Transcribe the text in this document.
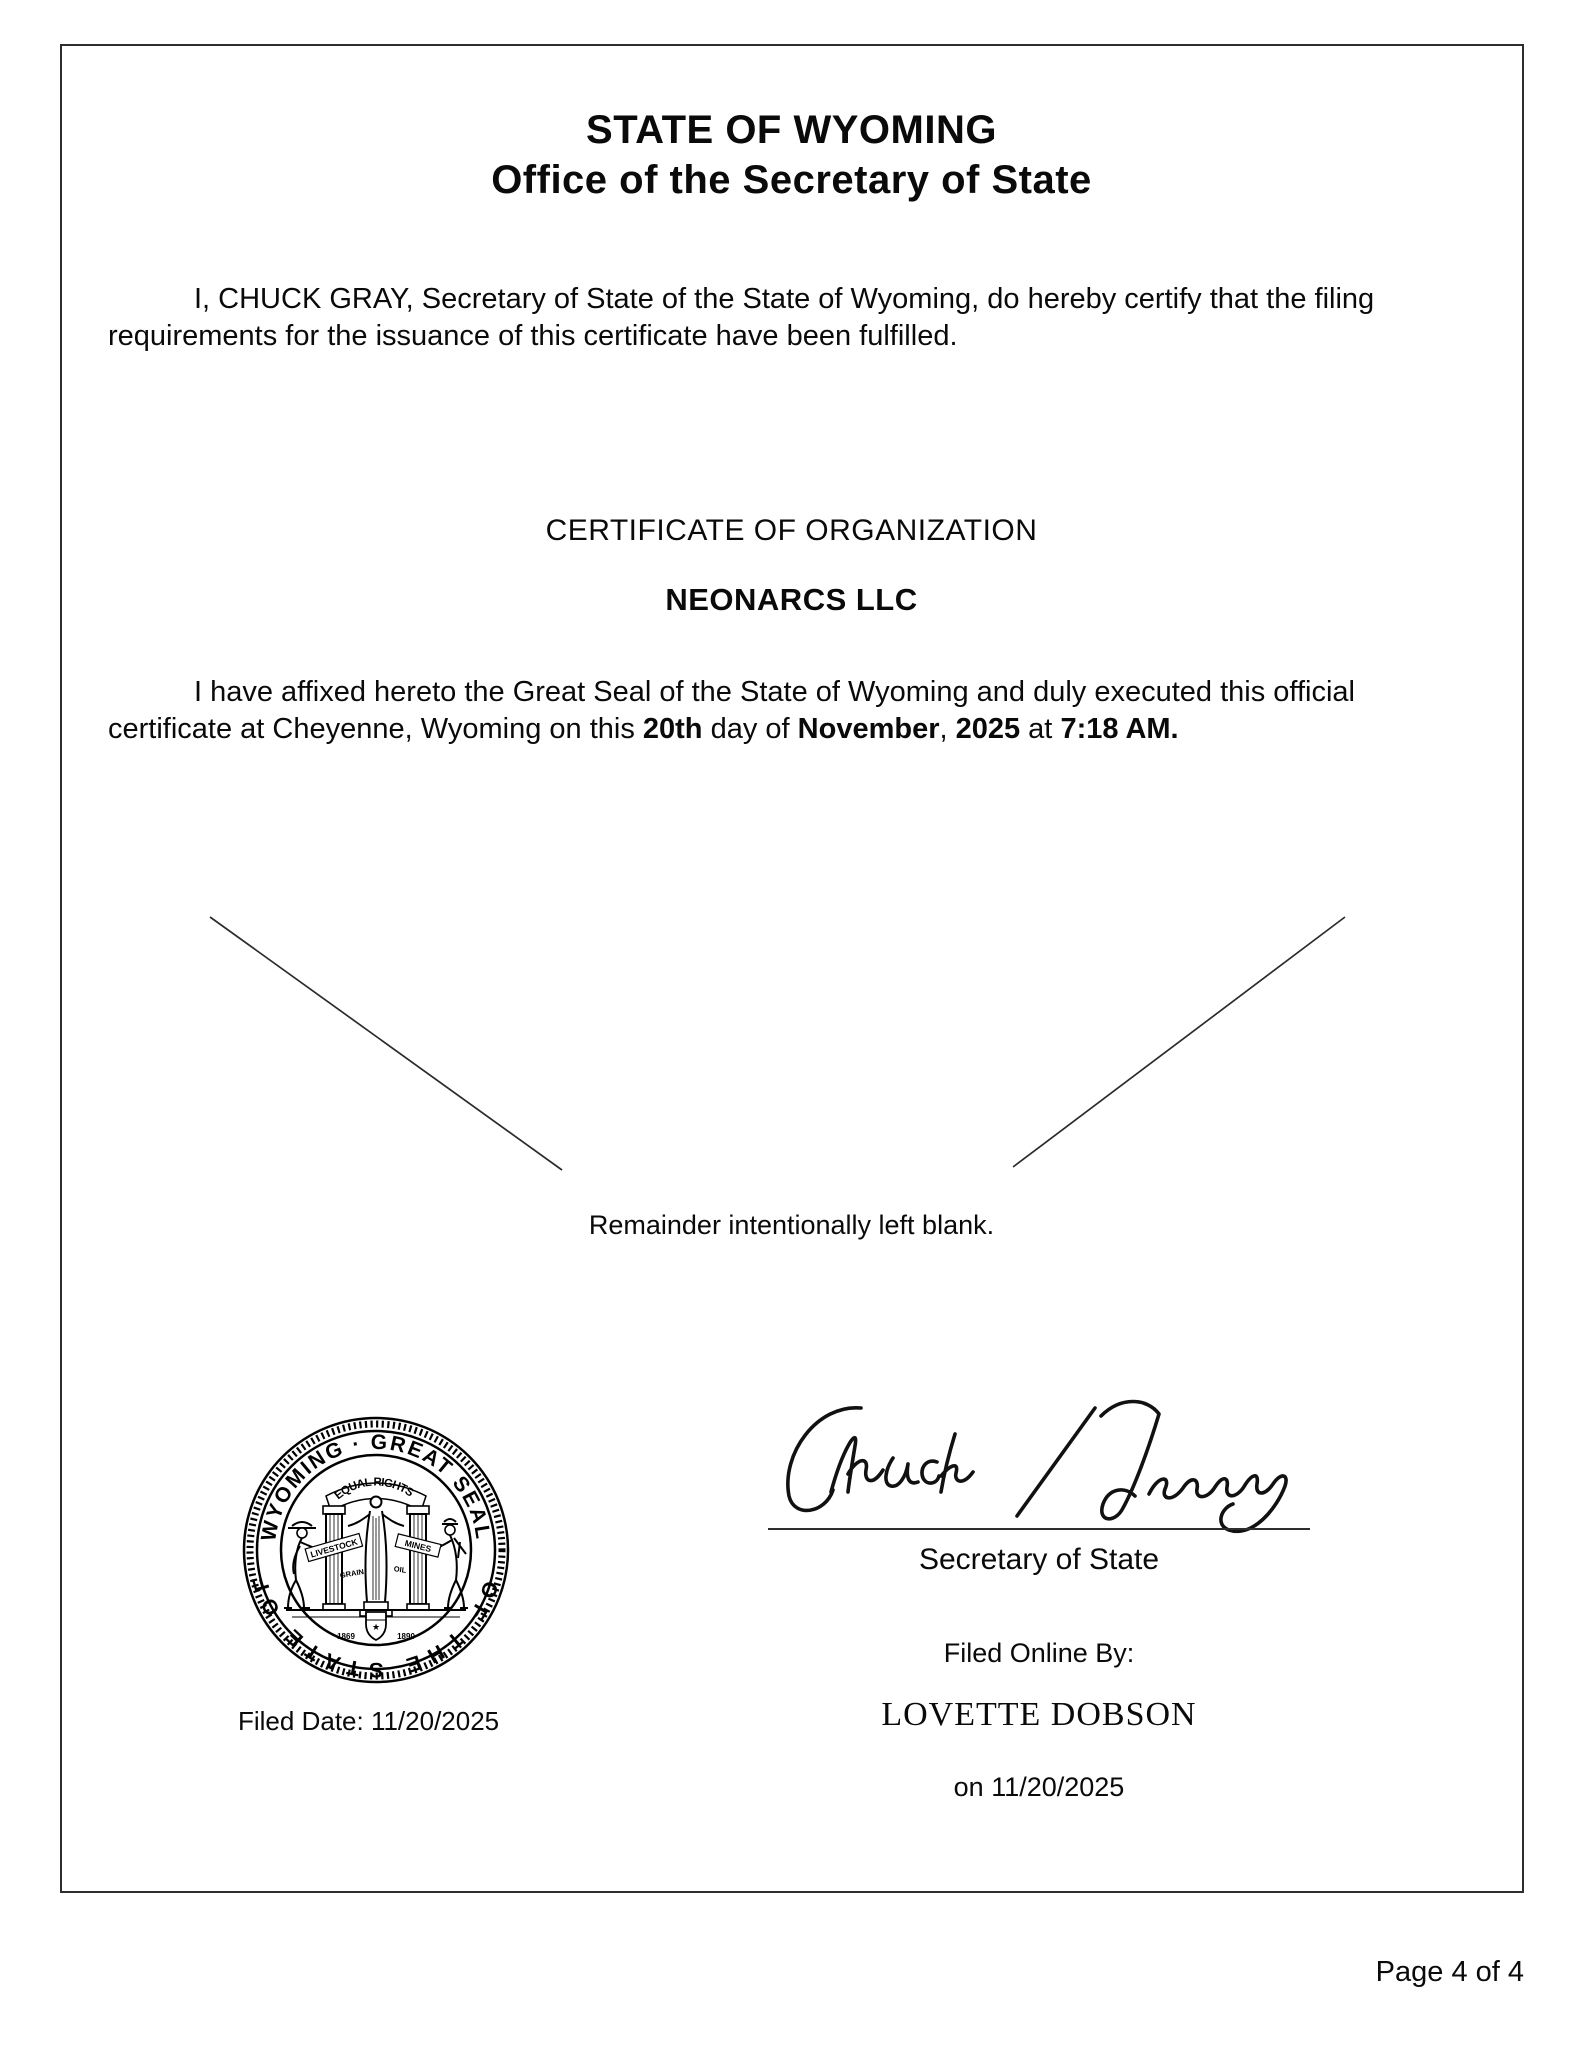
STATE OF WYOMING
Office of the Secretary of State

I, CHUCK GRAY, Secretary of State of the State of Wyoming, do hereby certify that the filing requirements for the issuance of this certificate have been fulfilled.

CERTIFICATE OF ORGANIZATION
NEONARCS LLC

I have affixed hereto the Great Seal of the State of Wyoming and duly executed this official certificate at Cheyenne, Wyoming on this 20th day of November, 2025 at 7:18 AM.

Remainder intentionally left blank.
WYOMING · GREAT SEAL
OF THE STATE OF
EQUAL RIGHTS
LIVESTOCK	MINES
GRAIN	OIL
★
1869	1890
Filed Date: 11/20/2025
Secretary of State
Filed Online By:
LOVETTE DOBSON
on 11/20/2025
Page 4 of 4
